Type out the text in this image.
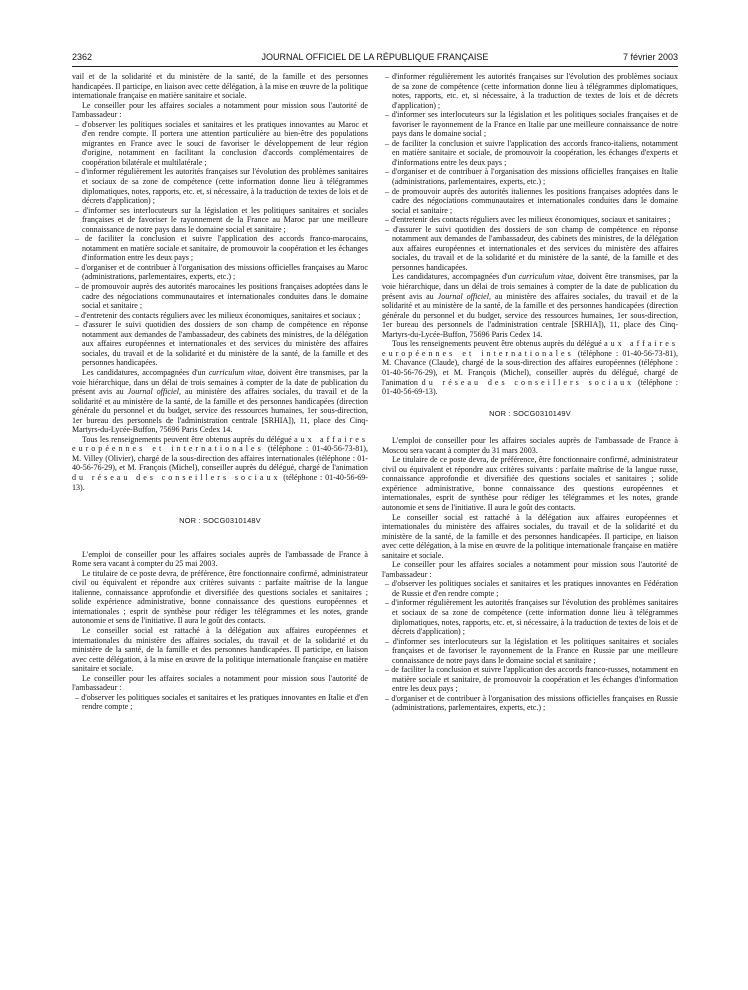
2362	JOURNAL OFFICIEL DE LA RÉPUBLIQUE FRANÇAISE	7 février 2003

vail et de la solidarité et du ministère de la santé, de la famille et des personnes handicapées. Il participe, en liaison avec cette délégation, à la mise en œuvre de la politique internationale française en matière sanitaire et sociale.

Le conseiller pour les affaires sociales a notamment pour mission sous l'autorité de l'ambassadeur :

– d'observer les politiques sociales et sanitaires et les pratiques innovantes au Maroc et d'en rendre compte. Il portera une attention particulière au bien-être des populations migrantes en France avec le souci de favoriser le développement de leur région d'origine, notamment en facilitant la conclusion d'accords complémentaires de coopération bilatérale et multilatérale ;
– d'informer régulièrement les autorités françaises sur l'évolution des problèmes sanitaires et sociaux de sa zone de compétence (cette information donne lieu à télégrammes diplomatiques, notes, rapports, etc. et, si nécessaire, à la traduction de textes de lois et de décrets d'application) ;
– d'informer ses interlocuteurs sur la législation et les politiques sanitaires et sociales françaises et de favoriser le rayonnement de la France au Maroc par une meilleure connaissance de notre pays dans le domaine social et sanitaire ;
– de faciliter la conclusion et suivre l'application des accords franco-marocains, notamment en matière sociale et sanitaire, de promouvoir la coopération et les échanges d'information entre les deux pays ;
– d'organiser et de contribuer à l'organisation des missions officielles françaises au Maroc (administrations, parlementaires, experts, etc.) ;
– de promouvoir auprès des autorités marocaines les positions françaises adoptées dans le cadre des négociations communautaires et internationales conduites dans le domaine social et sanitaire ;
– d'entretenir des contacts réguliers avec les milieux économiques, sanitaires et sociaux ;
– d'assurer le suivi quotidien des dossiers de son champ de compétence en réponse notamment aux demandes de l'ambassadeur, des cabinets des ministres, de la délégation aux affaires européennes et internationales et des services du ministère des affaires sociales, du travail et de la solidarité et du ministère de la santé, de la famille et des personnes handicapées.

Les candidatures, accompagnées d'un curriculum vitae, doivent être transmises, par la voie hiérarchique, dans un délai de trois semaines à compter de la date de publication du présent avis au Journal officiel, au ministère des affaires sociales, du travail et de la solidarité et au ministère de la santé, de la famille et des personnes handicapées (direction générale du personnel et du budget, service des ressources humaines, 1er sous-direction, 1er bureau des personnels de l'administration centrale [SRHIA]), 11, place des Cinq-Martyrs-du-Lycée-Buffon, 75696 Paris Cedex 14.

Tous les renseignements peuvent être obtenus auprès du délégué aux affaires européennes et internationales (téléphone : 01-40-56-73-81), M. Villey (Olivier), chargé de la sous-direction des affaires internationales (téléphone : 01-40-56-76-29), et M. François (Michel), conseiller auprès du délégué, chargé de l'animation du réseau des conseillers sociaux (téléphone : 01-40-56-69-13).

NOR : SOCG0310148V

L'emploi de conseiller pour les affaires sociales auprès de l'ambassade de France à Rome sera vacant à compter du 25 mai 2003.

Le titulaire de ce poste devra, de préférence, être fonctionnaire confirmé, administrateur civil ou équivalent et répondre aux critères suivants : parfaite maîtrise de la langue italienne, connaissance approfondie et diversifiée des questions sociales et sanitaires ; solide expérience administrative, bonne connaissance des questions européennes et internationales ; esprit de synthèse pour rédiger les télégrammes et les notes, grande autonomie et sens de l'initiative. Il aura le goût des contacts.

Le conseiller social est rattaché à la délégation aux affaires européennes et internationales du ministère des affaires sociales, du travail et de la solidarité et du ministère de la santé, de la famille et des personnes handicapées. Il participe, en liaison avec cette délégation, à la mise en œuvre de la politique internationale française en matière sanitaire et sociale.

Le conseiller pour les affaires sociales a notamment pour mission sous l'autorité de l'ambassadeur :

– d'observer les politiques sociales et sanitaires et les pratiques innovantes en Italie et d'en rendre compte ;
– d'informer régulièrement les autorités françaises sur l'évolution des problèmes sociaux de sa zone de compétence (cette information donne lieu à télégrammes diplomatiques, notes, rapports, etc. et, si nécessaire, à la traduction de textes de lois et de décrets d'application) ;
– d'informer ses interlocuteurs sur la législation et les politiques sociales françaises et de favoriser le rayonnement de la France en Italie par une meilleure connaissance de notre pays dans le domaine social ;
– de faciliter la conclusion et suivre l'application des accords franco-italiens, notamment en matière sanitaire et sociale, de promouvoir la coopération, les échanges d'experts et d'informations entre les deux pays ;
– d'organiser et de contribuer à l'organisation des missions officielles françaises en Italie (administrations, parlementaires, experts, etc.) ;
– de promouvoir auprès des autorités italiennes les positions françaises adoptées dans le cadre des négociations communautaires et internationales conduites dans le domaine social et sanitaire ;
– d'entretenir des contacts réguliers avec les milieux économiques, sociaux et sanitaires ;
– d'assurer le suivi quotidien des dossiers de son champ de compétence en réponse notamment aux demandes de l'ambassadeur, des cabinets des ministres, de la délégation aux affaires européennes et internationales et des services du ministère des affaires sociales, du travail et de la solidarité et du ministère de la santé, de la famille et des personnes handicapées.

Les candidatures, accompagnées d'un curriculum vitae, doivent être transmises, par la voie hiérarchique, dans un délai de trois semaines à compter de la date de publication du présent avis au Journal officiel, au ministère des affaires sociales, du travail et de la solidarité et au ministère de la santé, de la famille et des personnes handicapées (direction générale du personnel et du budget, service des ressources humaines, 1er sous-direction, 1er bureau des personnels de l'administration centrale [SRHIA]), 11, place des Cinq-Martyrs-du-Lycée-Buffon, 75696 Paris Cedex 14.

Tous les renseignements peuvent être obtenus auprès du délégué aux affaires européennes et internationales (téléphone : 01-40-56-73-81), M. Chavance (Claude), chargé de la sous-direction des affaires européennes (téléphone : 01-40-56-76-29), et M. François (Michel), conseiller auprès du délégué, chargé de l'animation du réseau des conseillers sociaux (téléphone : 01-40-56-69-13).

NOR : SOCG0310149V

L'emploi de conseiller pour les affaires sociales auprès de l'ambassade de France à Moscou sera vacant à compter du 31 mars 2003.

Le titulaire de ce poste devra, de préférence, être fonctionnaire confirmé, administrateur civil ou équivalent et répondre aux critères suivants : parfaite maîtrise de la langue russe, connaissance approfondie et diversifiée des questions sociales et sanitaires ; solide expérience administrative, bonne connaissance des questions européennes et internationales, esprit de synthèse pour rédiger les télégrammes et les notes, grande autonomie et sens de l'initiative. Il aura le goût des contacts.

Le conseiller social est rattaché à la délégation aux affaires européennes et internationales du ministère des affaires sociales, du travail et de la solidarité et du ministère de la santé, de la famille et des personnes handicapées. Il participe, en liaison avec cette délégation, à la mise en œuvre de la politique internationale française en matière sanitaire et sociale.

Le conseiller pour les affaires sociales a notamment pour mission sous l'autorité de l'ambassadeur :

– d'observer les politiques sociales et sanitaires et les pratiques innovantes en Fédération de Russie et d'en rendre compte ;
– d'informer régulièrement les autorités françaises sur l'évolution des problèmes sanitaires et sociaux de sa zone de compétence (cette information donne lieu à télégrammes diplomatiques, notes, rapports, etc. et, si nécessaire, à la traduction de textes de lois et de décrets d'application) ;
– d'informer ses interlocuteurs sur la législation et les politiques sanitaires et sociales françaises et de favoriser le rayonnement de la France en Russie par une meilleure connaissance de notre pays dans le domaine social et sanitaire ;
– de faciliter la conclusion et suivre l'application des accords franco-russes, notamment en matière sociale et sanitaire, de promouvoir la coopération et les échanges d'information entre les deux pays ;
– d'organiser et de contribuer à l'organisation des missions officielles françaises en Russie (administrations, parlementaires, experts, etc.) ;
